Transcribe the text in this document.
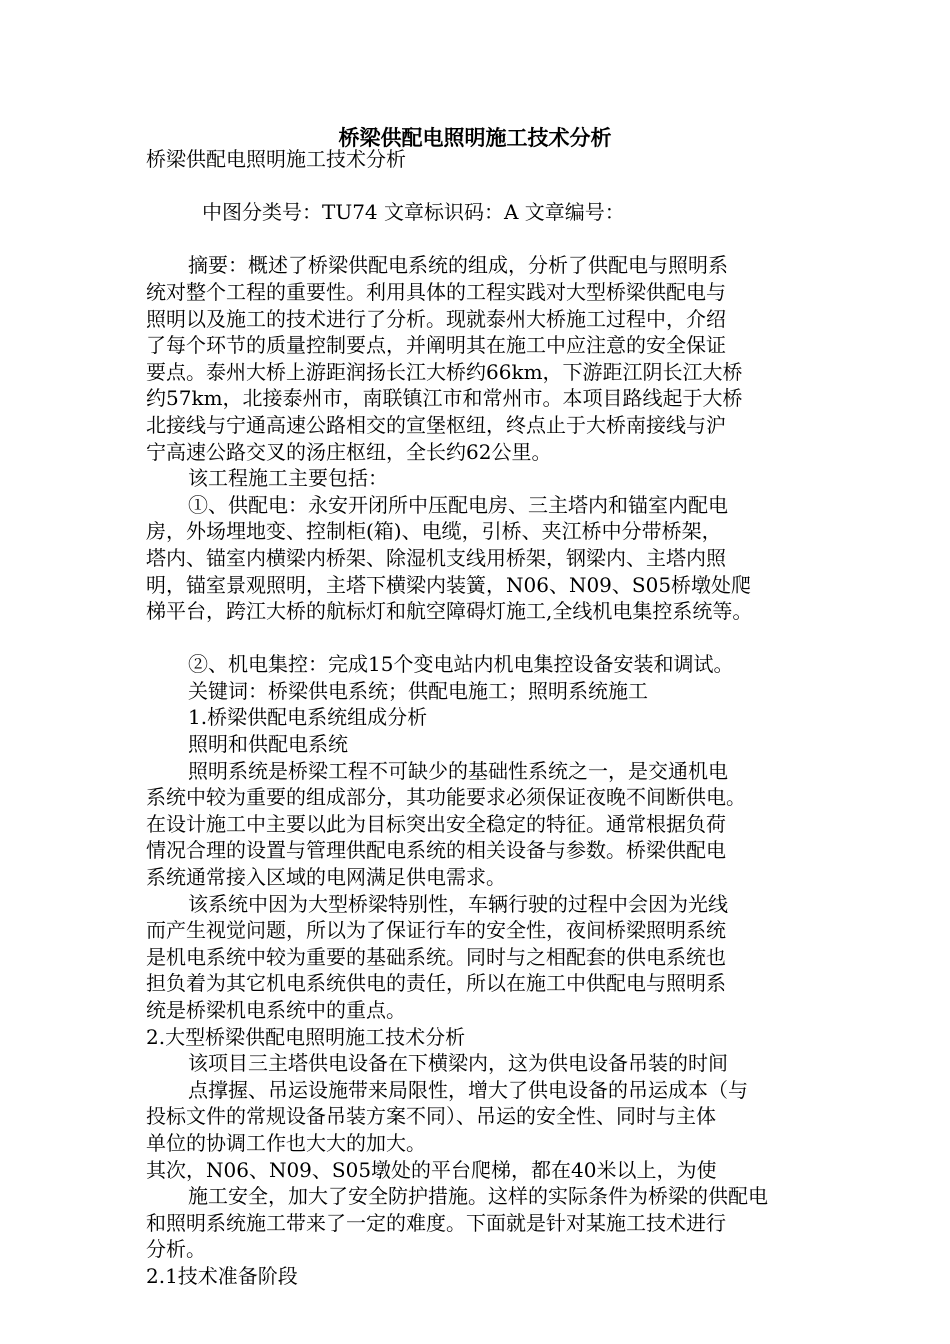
桥梁供配电照明施工技术分析
桥梁供配电照明施工技术分析
中图分类号：TU74 文章标识码：A 文章编号：
摘要：概述了桥梁供配电系统的组成，分析了供配电与照明系
统对整个工程的重要性。利用具体的工程实践对大型桥梁供配电与
照明以及施工的技术进行了分析。现就泰州大桥施工过程中，介绍
了每个环节的质量控制要点，并阐明其在施工中应注意的安全保证
要点。泰州大桥上游距润扬长江大桥约66km，下游距江阴长江大桥
约57km，北接泰州市，南联镇江市和常州市。本项目路线起于大桥
北接线与宁通高速公路相交的宣堡枢纽，终点止于大桥南接线与沪
宁高速公路交叉的汤庄枢纽，全长约62公里。
该工程施工主要包括：
①、供配电：永安开闭所中压配电房、三主塔内和锚室内配电
房，外场埋地变、控制柜(箱)、电缆，引桥、夹江桥中分带桥架，
塔内、锚室内横梁内桥架、除湿机支线用桥架，钢梁内、主塔内照
明，锚室景观照明，主塔下横梁内装簧，N06、N09、S05桥墩处爬
梯平台，跨江大桥的航标灯和航空障碍灯施工,全线机电集控系统等。
②、机电集控：完成15个变电站内机电集控设备安装和调试。
关键词：桥梁供电系统；供配电施工；照明系统施工
1.桥梁供配电系统组成分析
照明和供配电系统
照明系统是桥梁工程不可缺少的基础性系统之一，是交通机电
系统中较为重要的组成部分，其功能要求必须保证夜晚不间断供电。
在设计施工中主要以此为目标突出安全稳定的特征。通常根据负荷
情况合理的设置与管理供配电系统的相关设备与参数。桥梁供配电
系统通常接入区域的电网满足供电需求。
该系统中因为大型桥梁特别性，车辆行驶的过程中会因为光线
而产生视觉问题，所以为了保证行车的安全性，夜间桥梁照明系统
是机电系统中较为重要的基础系统。同时与之相配套的供电系统也
担负着为其它机电系统供电的责任，所以在施工中供配电与照明系
统是桥梁机电系统中的重点。
2.大型桥梁供配电照明施工技术分析
该项目三主塔供电设备在下横梁内，这为供电设备吊装的时间
点撑握、吊运设施带来局限性，增大了供电设备的吊运成本（与
投标文件的常规设备吊装方案不同）、吊运的安全性、同时与主体
单位的协调工作也大大的加大。
其次，N06、N09、S05墩处的平台爬梯，都在40米以上，为使
施工安全，加大了安全防护措施。这样的实际条件为桥梁的供配电
和照明系统施工带来了一定的难度。下面就是针对某施工技术进行
分析。
2.1技术准备阶段
